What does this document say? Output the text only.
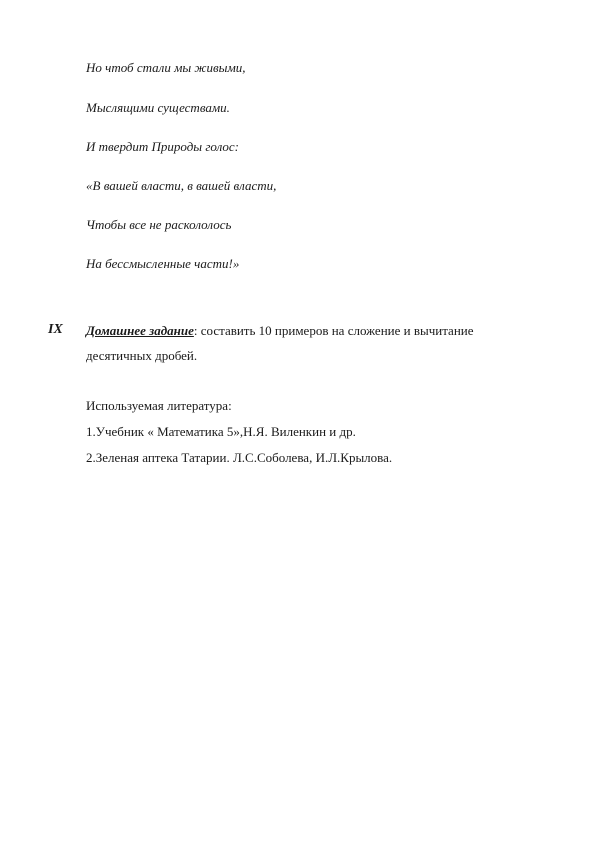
Но чтоб стали мы живыми,
Мыслящими существами.
И твердит Природы голос:
«В вашей власти, в вашей власти,
Чтобы все не раскололось
На бессмысленные части!»
IX Домашнее задание: составить 10 примеров на сложение и вычитание
десятичных дробей.
Используемая литература:
1.Учебник « Математика 5»,Н.Я. Виленкин и др.
2.Зеленая аптека Татарии. Л.С.Соболева, И.Л.Крылова.
